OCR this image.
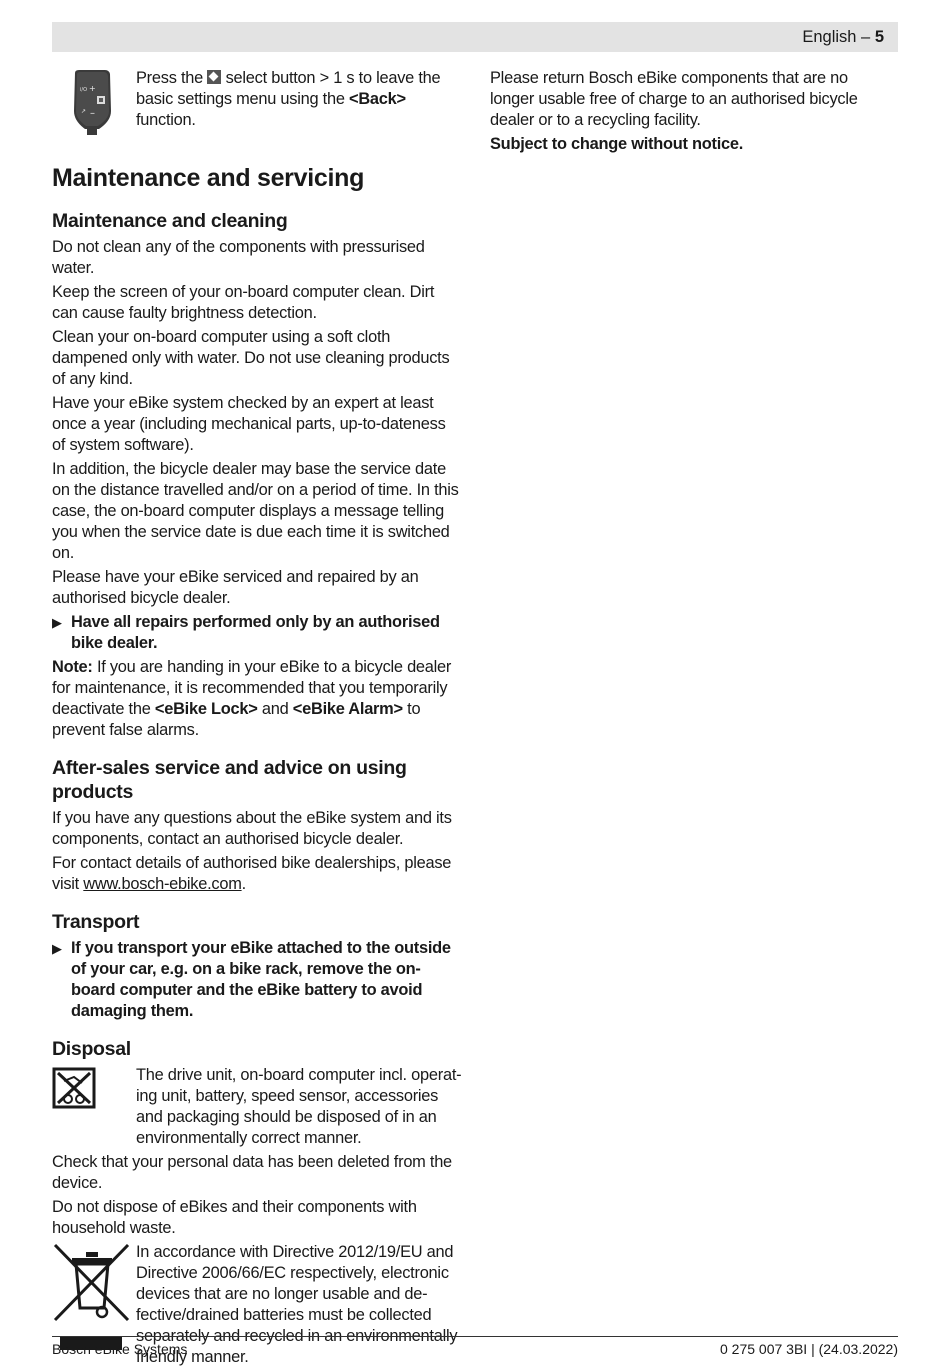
English – 5
+
i/O
–
↗

Press the
select button > 1 s to leave the basic settings menu using the <Back> function.

Maintenance and servicing
Maintenance and cleaning

Do not clean any of the components with pressurised water.

Keep the screen of your on-board computer clean. Dirt can cause faulty brightness detection.

Clean your on-board computer using a soft cloth dampened only with water. Do not use cleaning products of any kind.

Have your eBike system checked by an expert at least once a year (including mechanical parts, up-to-dateness of system software).

In addition, the bicycle dealer may base the service date on the distance travelled and/or on a period of time. In this case, the on-board computer displays a message telling you when the service date is due each time it is switched on.

Please have your eBike serviced and repaired by an authorised bicycle dealer.

▶ Have all repairs performed only by an authorised bike dealer.

Note: If you are handing in your eBike to a bicycle dealer for maintenance, it is recommended that you temporarily deactivate the <eBike Lock> and <eBike Alarm> to prevent false alarms.

After-sales service and advice on using products

If you have any questions about the eBike system and its components, contact an authorised bicycle dealer.

For contact details of authorised bike dealerships, please visit www.bosch-ebike.com.

Transport
▶ If you transport your eBike attached to the outside of your car, e.g. on a bike rack, remove the on-board computer and the eBike battery to avoid damaging them.
Disposal

The drive unit, on-board computer incl. operating unit, battery, speed sensor, accessories and packaging should be disposed of in an environmentally correct manner.

Check that your personal data has been deleted from the device.

Do not dispose of eBikes and their components with household waste.

In accordance with Directive 2012/19/EU and Directive 2006/66/EC respectively, electronic devices that are no longer usable and defective/drained batteries must be collected separately and recycled in an environmentally friendly manner.

Please return Bosch eBike components that are no longer usable free of charge to an authorised bicycle dealer or to a recycling facility.

Subject to change without notice.

Bosch eBike Systems	0 275 007 3BI | (24.03.2022)
